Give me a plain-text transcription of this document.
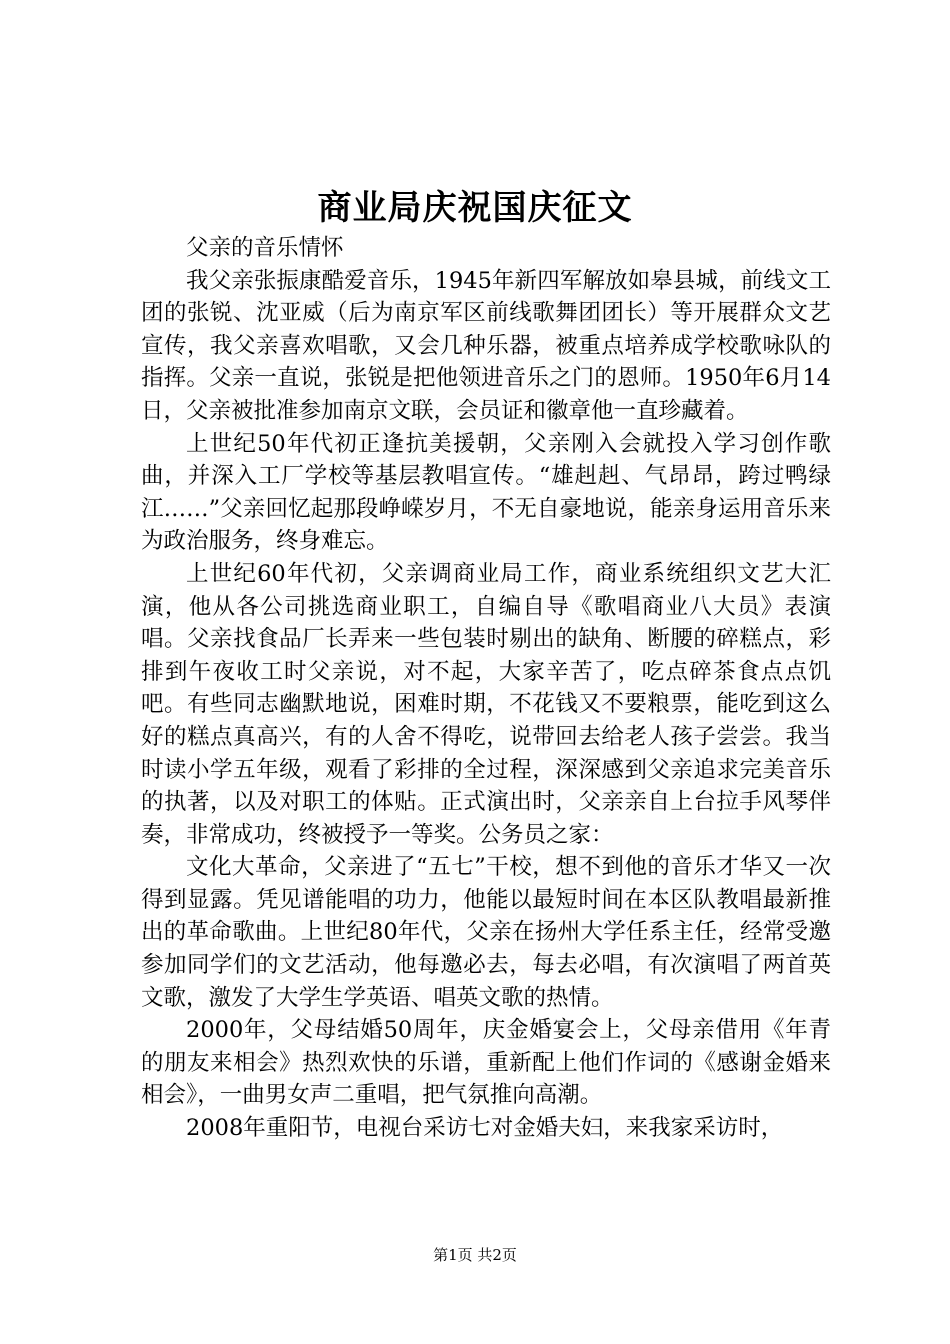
商业局庆祝国庆征文

父亲的音乐情怀

我父亲张振康酷爱音乐，1945年新四军解放如皋县城，前线文工团的张锐、沈亚威（后为南京军区前线歌舞团团长）等开展群众文艺宣传，我父亲喜欢唱歌，又会几种乐器，被重点培养成学校歌咏队的指挥。父亲一直说，张锐是把他领进音乐之门的恩师。1950年6月14日，父亲被批准参加南京文联，会员证和徽章他一直珍藏着。

上世纪50年代初正逢抗美援朝，父亲刚入会就投入学习创作歌曲，并深入工厂学校等基层教唱宣传。“雄赳赳、气昂昂，跨过鸭绿江……”父亲回忆起那段峥嵘岁月，不无自豪地说，能亲身运用音乐来为政治服务，终身难忘。

上世纪60年代初，父亲调商业局工作，商业系统组织文艺大汇演，他从各公司挑选商业职工，自编自导《歌唱商业八大员》表演唱。父亲找食品厂长弄来一些包装时剔出的缺角、断腰的碎糕点，彩排到午夜收工时父亲说，对不起，大家辛苦了，吃点碎茶食点点饥吧。有些同志幽默地说，困难时期，不花钱又不要粮票，能吃到这么好的糕点真高兴，有的人舍不得吃，说带回去给老人孩子尝尝。我当时读小学五年级，观看了彩排的全过程，深深感到父亲追求完美音乐的执著，以及对职工的体贴。正式演出时，父亲亲自上台拉手风琴伴奏，非常成功，终被授予一等奖。公务员之家：

文化大革命，父亲进了“五七”干校，想不到他的音乐才华又一次得到显露。凭见谱能唱的功力，他能以最短时间在本区队教唱最新推出的革命歌曲。上世纪80年代，父亲在扬州大学任系主任，经常受邀参加同学们的文艺活动，他每邀必去，每去必唱，有次演唱了两首英文歌，激发了大学生学英语、唱英文歌的热情。

2000年，父母结婚50周年，庆金婚宴会上，父母亲借用《年青的朋友来相会》热烈欢快的乐谱，重新配上他们作词的《感谢金婚来相会》，一曲男女声二重唱，把气氛推向高潮。

2008年重阳节，电视台采访七对金婚夫妇，来我家采访时，

第1页 共2页
